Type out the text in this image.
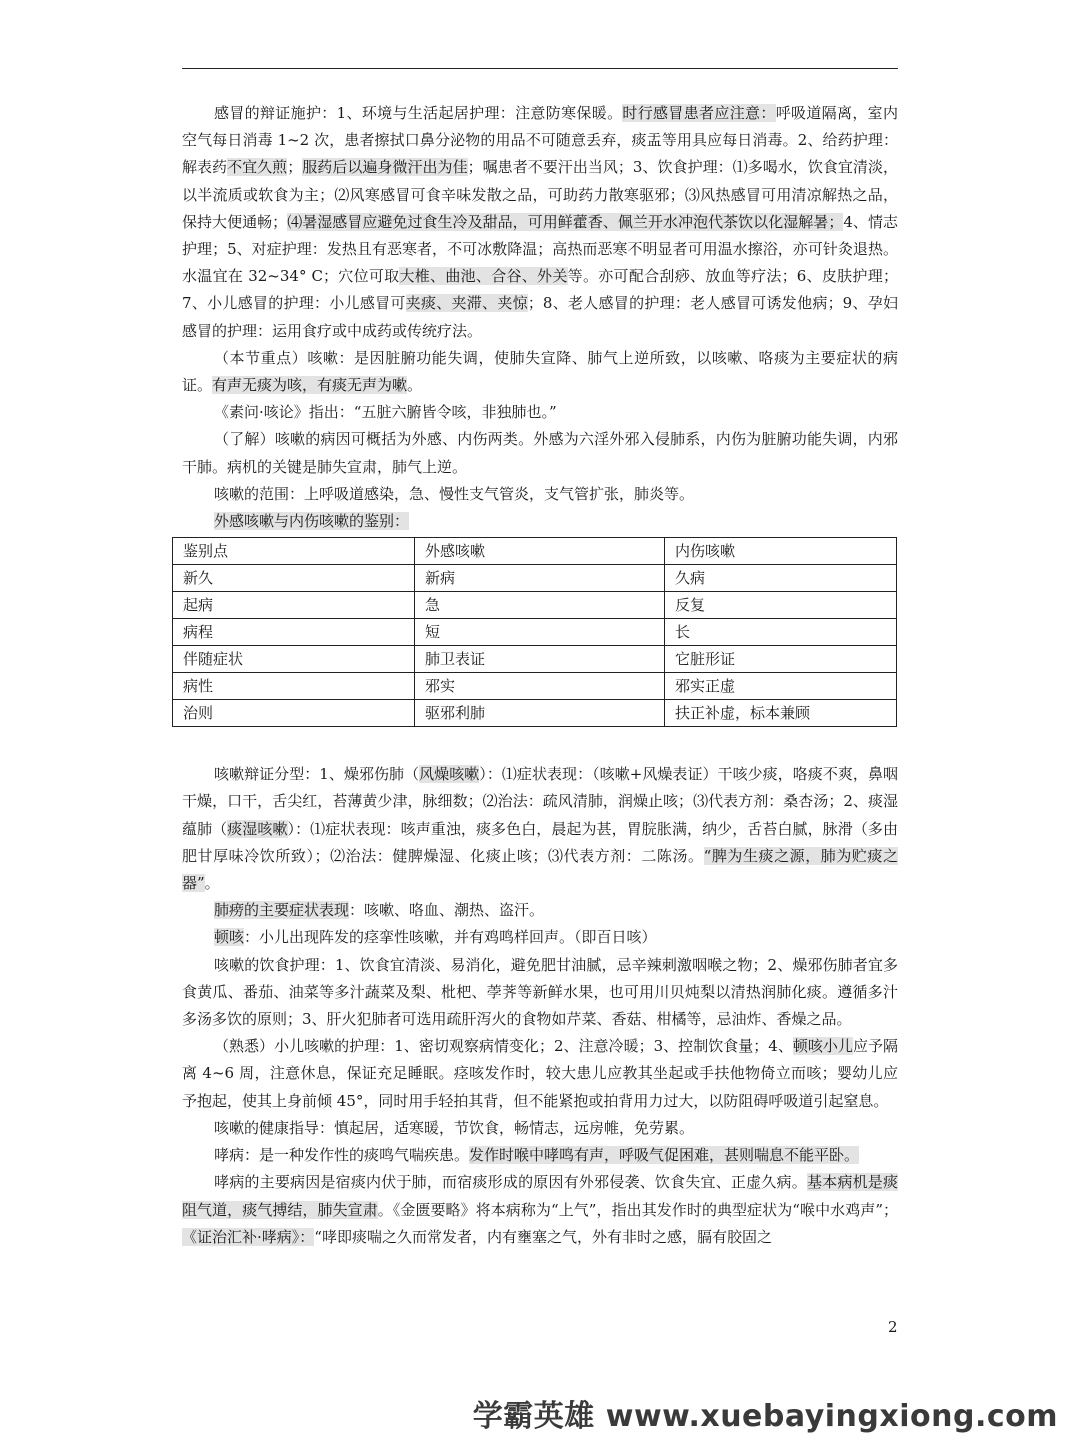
感冒的辩证施护：1、环境与生活起居护理：注意防寒保暖。时行感冒患者应注意：呼吸道隔离，室内空气每日消毒 1~2 次，患者擦拭口鼻分泌物的用品不可随意丢弃，痰盂等用具应每日消毒。2、给药护理：解表药不宜久煎；服药后以遍身微汗出为佳；嘱患者不要汗出当风；3、饮食护理：⑴多喝水，饮食宜清淡，以半流质或软食为主；⑵风寒感冒可食辛味发散之品，可助药力散寒驱邪；⑶风热感冒可用清凉解热之品，保持大便通畅；⑷暑湿感冒应避免过食生冷及甜品，可用鲜藿香、佩兰开水冲泡代茶饮以化湿解暑；4、情志护理；5、对症护理：发热且有恶寒者，不可冰敷降温；高热而恶寒不明显者可用温水擦浴，亦可针灸退热。水温宜在 32~34° C；穴位可取大椎、曲池、合谷、外关等。亦可配合刮痧、放血等疗法；6、皮肤护理；7、小儿感冒的护理：小儿感冒可夹痰、夹滞、夹惊；8、老人感冒的护理：老人感冒可诱发他病；9、孕妇感冒的护理：运用食疗或中成药或传统疗法。

（本节重点）咳嗽：是因脏腑功能失调，使肺失宣降、肺气上逆所致，以咳嗽、咯痰为主要症状的病证。有声无痰为咳，有痰无声为嗽。

《素问·咳论》指出：“五脏六腑皆令咳，非独肺也。”

（了解）咳嗽的病因可概括为外感、内伤两类。外感为六淫外邪入侵肺系，内伤为脏腑功能失调，内邪干肺。病机的关键是肺失宣肃，肺气上逆。

咳嗽的范围：上呼吸道感染，急、慢性支气管炎，支气管扩张，肺炎等。

外感咳嗽与内伤咳嗽的鉴别：

鉴别点	外感咳嗽	内伤咳嗽
新久	新病	久病
起病	急	反复
病程	短	长
伴随症状	肺卫表证	它脏形证
病性	邪实	邪实正虚
治则	驱邪利肺	扶正补虚，标本兼顾

咳嗽辩证分型：1、燥邪伤肺（风燥咳嗽）：⑴症状表现：（咳嗽+风燥表证）干咳少痰，咯痰不爽，鼻咽干燥，口干，舌尖红，苔薄黄少津，脉细数；⑵治法：疏风清肺，润燥止咳；⑶代表方剂：桑杏汤；2、痰湿蕴肺（痰湿咳嗽）：⑴症状表现：咳声重浊，痰多色白，晨起为甚，胃脘胀满，纳少，舌苔白腻，脉滑（多由肥甘厚味冷饮所致）；⑵治法：健脾燥湿、化痰止咳；⑶代表方剂：二陈汤。“脾为生痰之源，肺为贮痰之器”。

肺痨的主要症状表现：咳嗽、咯血、潮热、盗汗。

顿咳：小儿出现阵发的痉挛性咳嗽，并有鸡鸣样回声。（即百日咳）

咳嗽的饮食护理：1、饮食宜清淡、易消化，避免肥甘油腻，忌辛辣刺激咽喉之物；2、燥邪伤肺者宜多食黄瓜、番茄、油菜等多汁蔬菜及梨、枇杷、荸荠等新鲜水果，也可用川贝炖梨以清热润肺化痰。遵循多汁多汤多饮的原则；3、肝火犯肺者可选用疏肝泻火的食物如芹菜、香菇、柑橘等，忌油炸、香燥之品。

（熟悉）小儿咳嗽的护理：1、密切观察病情变化；2、注意冷暖；3、控制饮食量；4、顿咳小儿应予隔离 4~6 周，注意休息，保证充足睡眠。痉咳发作时，较大患儿应教其坐起或手扶他物倚立而咳；婴幼儿应予抱起，使其上身前倾 45°，同时用手轻拍其背，但不能紧抱或拍背用力过大，以防阻碍呼吸道引起窒息。

咳嗽的健康指导：慎起居，适寒暖，节饮食，畅情志，远房帷，免劳累。

哮病：是一种发作性的痰鸣气喘疾患。发作时喉中哮鸣有声，呼吸气促困难，甚则喘息不能平卧。

哮病的主要病因是宿痰内伏于肺，而宿痰形成的原因有外邪侵袭、饮食失宜、正虚久病。基本病机是痰阻气道，痰气搏结，肺失宣肃。《金匮要略》将本病称为“上气”，指出其发作时的典型症状为“喉中水鸡声”；《证治汇补·哮病》：“哮即痰喘之久而常发者，内有壅塞之气，外有非时之感，膈有胶固之

2
学霸英雄 www.xuebayingxiong.com
